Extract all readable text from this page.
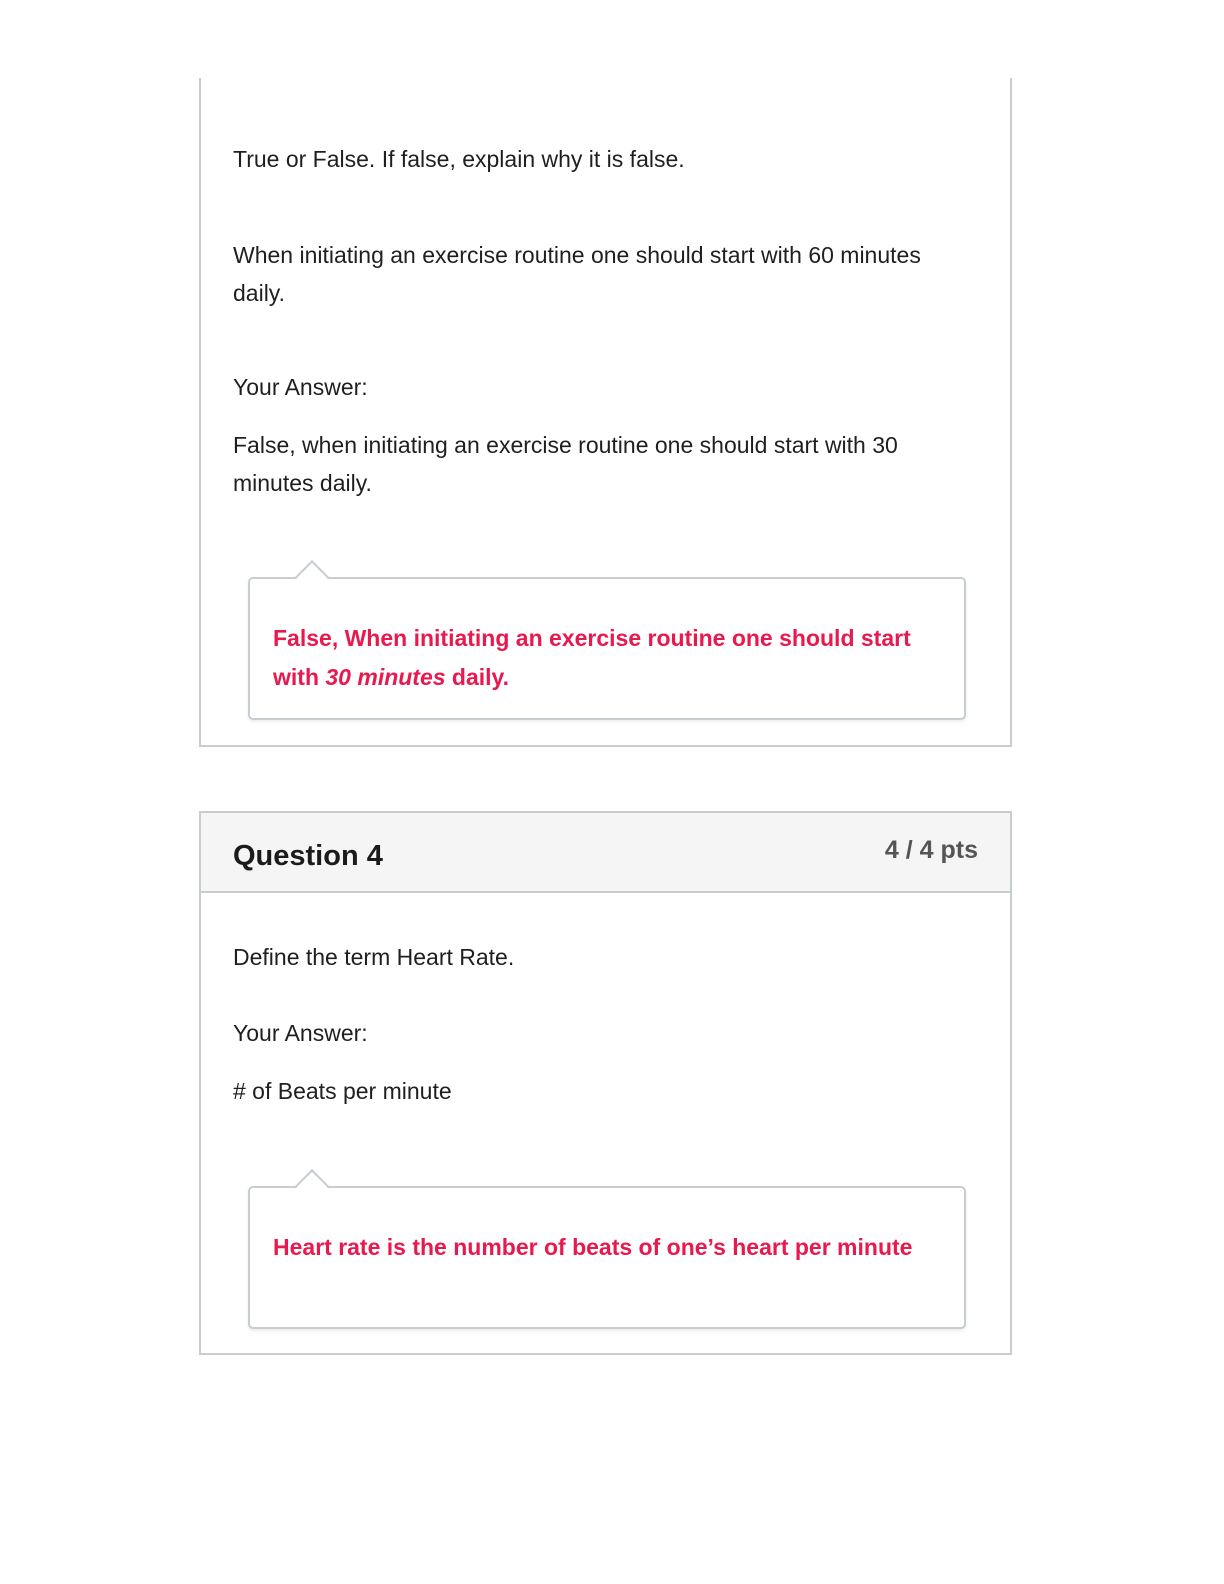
True or False. If false, explain why it is false.

When initiating an exercise routine one should start with 60 minutes daily.

Your Answer:

False, when initiating an exercise routine one should start with 30 minutes daily.

False, When initiating an exercise routine one should start with 30 minutes daily.

Question 4	4 / 4 pts

Define the term Heart Rate.

Your Answer:

# of Beats per minute

Heart rate is the number of beats of one’s heart per minute
